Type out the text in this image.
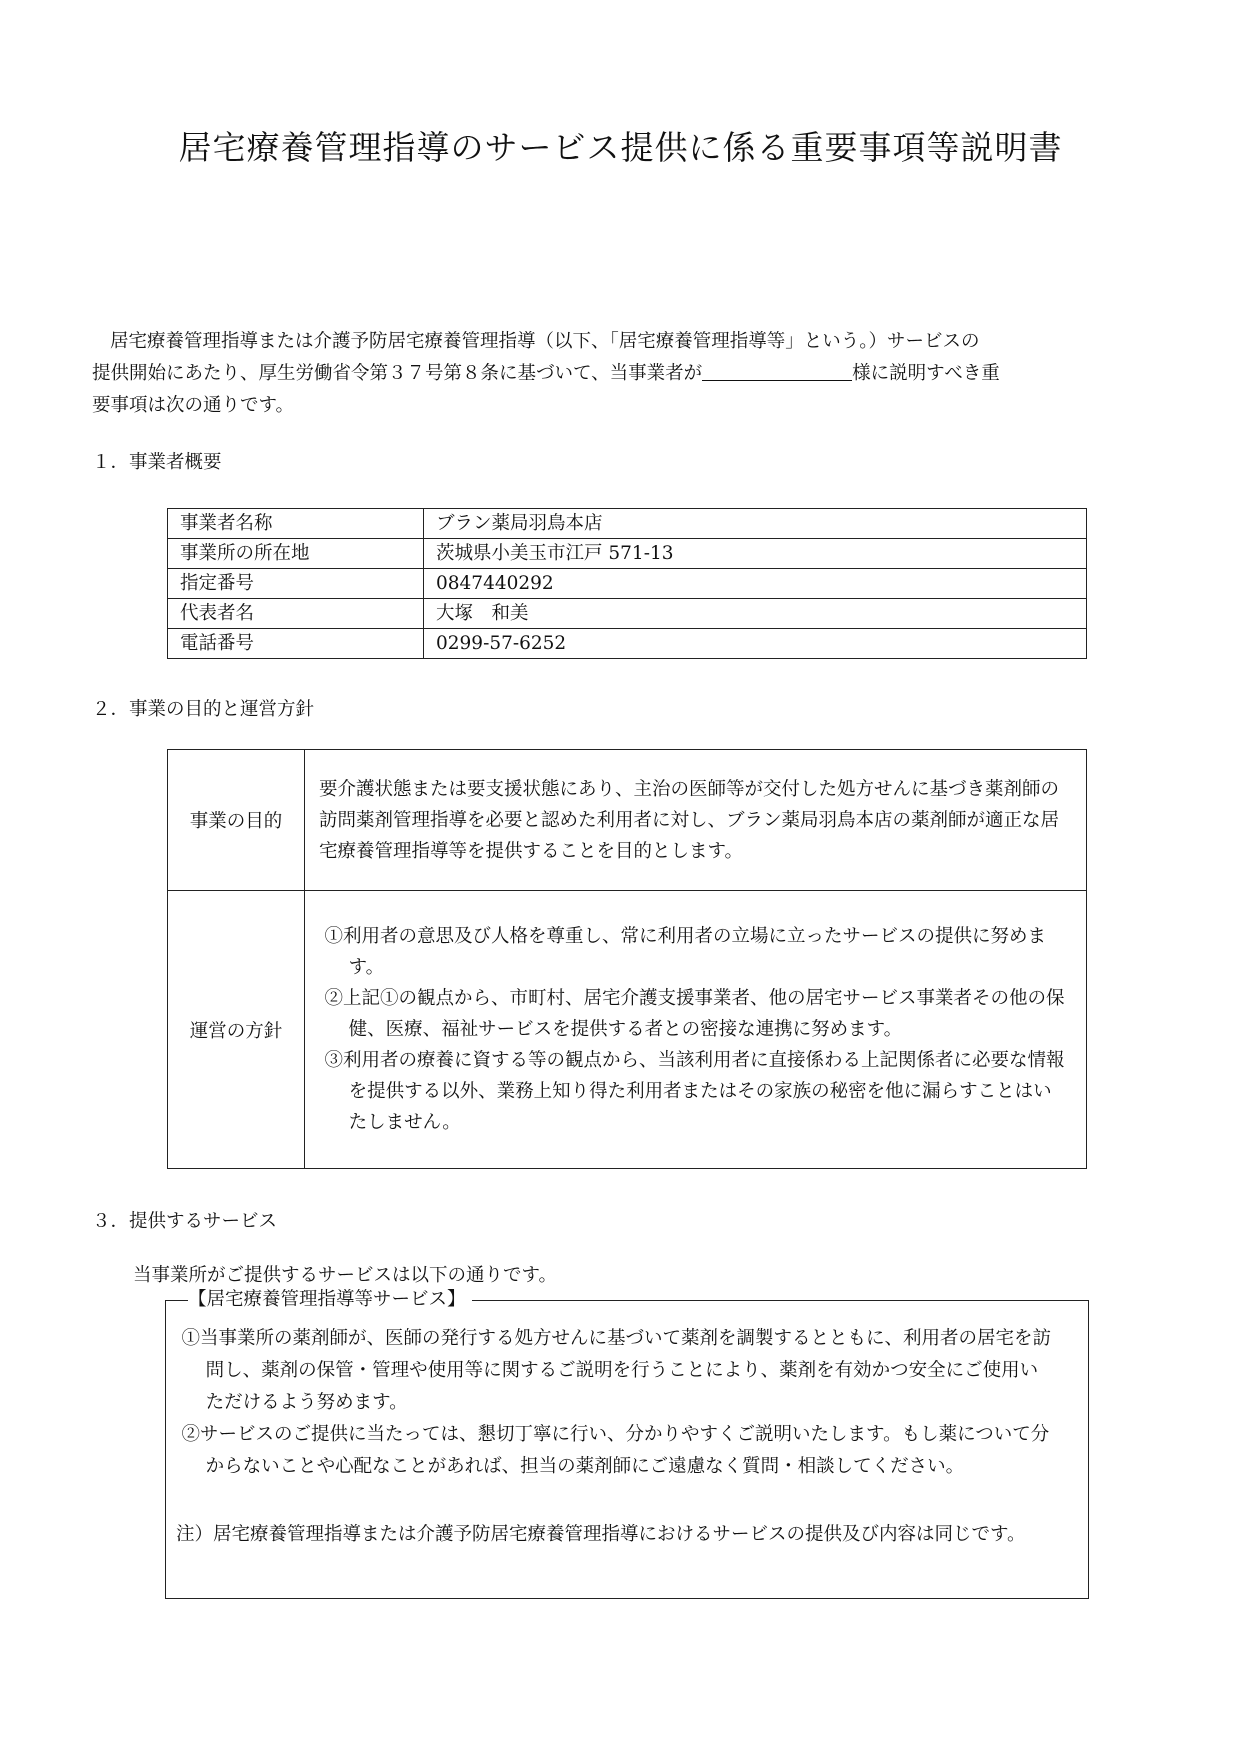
居宅療養管理指導のサービス提供に係る重要事項等説明書

居宅療養管理指導または介護予防居宅療養管理指導（以下、「居宅療養管理指導等」という。）サービスの

提供開始にあたり、厚生労働省令第３７号第８条に基づいて、当事業者が	様に説明すべき重

要事項は次の通りです。

１．事業者概要
事業者名称	ブラン薬局羽鳥本店
事業所の所在地	茨城県小美玉市江戸 571-13
指定番号	0847440292
代表者名	大塚　和美
電話番号	0299-57-6252
２．事業の目的と運営方針
事業の目的	要介護状態または要支援状態にあり、主治の医師等が交付した処方せんに基づき薬剤師の訪問薬剤管理指導を必要と認めた利用者に対し、ブラン薬局羽鳥本店の薬剤師が適正な居宅療養管理指導等を提供することを目的とします。

運営の方針	①利用者の意思及び人格を尊重し、常に利用者の立場に立ったサービスの提供に努めます。

②上記①の観点から、市町村、居宅介護支援事業者、他の居宅サービス事業者その他の保健、医療、福祉サービスを提供する者との密接な連携に努めます。

③利用者の療養に資する等の観点から、当該利用者に直接係わる上記関係者に必要な情報を提供する以外、業務上知り得た利用者またはその家族の秘密を他に漏らすことはいたしません。

３．提供するサービス
当事業所がご提供するサービスは以下の通りです。
【居宅療養管理指導等サービス】

①当事業所の薬剤師が、医師の発行する処方せんに基づいて薬剤を調製するとともに、利用者の居宅を訪問し、薬剤の保管・管理や使用等に関するご説明を行うことにより、薬剤を有効かつ安全にご使用いただけるよう努めます。

②サービスのご提供に当たっては、懇切丁寧に行い、分かりやすくご説明いたします。もし薬について分からないことや心配なことがあれば、担当の薬剤師にご遠慮なく質問・相談してください。

注）居宅療養管理指導または介護予防居宅療養管理指導におけるサービスの提供及び内容は同じです。
